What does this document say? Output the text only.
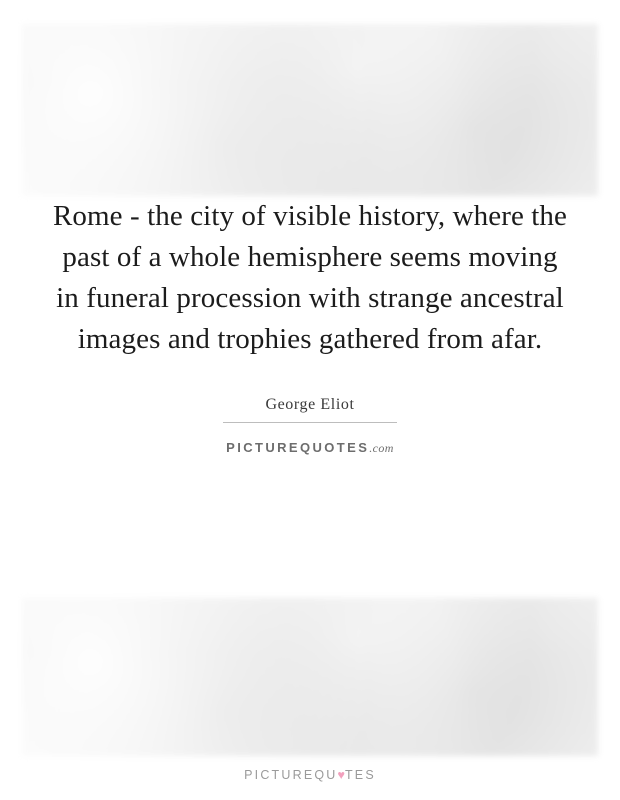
Rome - the city of visible history, where the past of a whole hemisphere seems moving in funeral procession with strange ancestral images and trophies gathered from afar.

George Eliot
PICTUREQUOTES.com
PICTUREQU♥TES
